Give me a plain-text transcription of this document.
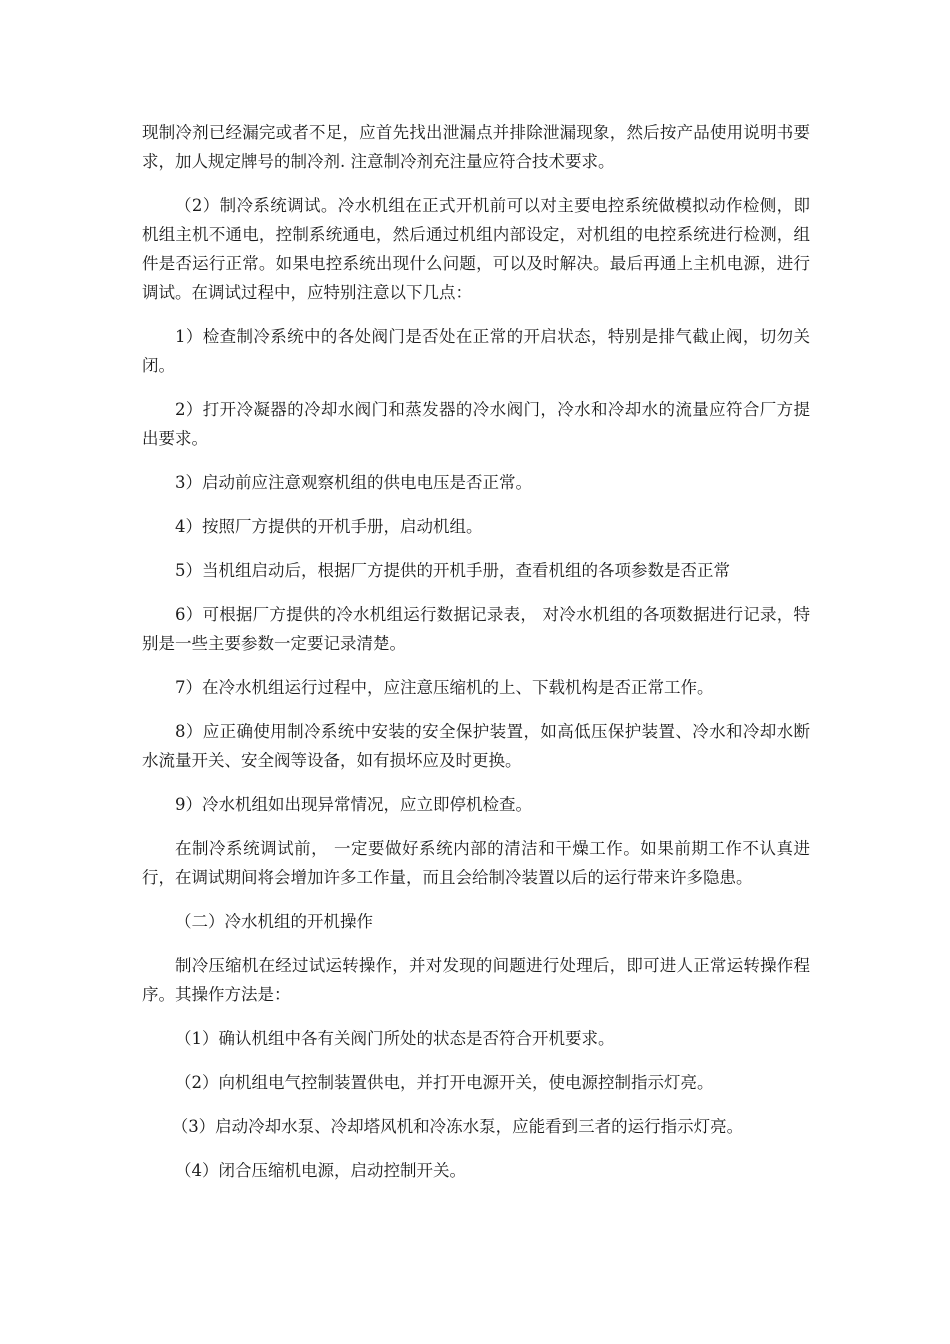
现制冷剂已经漏完或者不足，应首先找出泄漏点并排除泄漏现象，然后按产品使用说明书要求，加人规定牌号的制冷剂. 注意制冷剂充注量应符合技术要求。

（2）制冷系统调试。冷水机组在正式开机前可以对主要电控系统做模拟动作检侧，即机组主机不通电，控制系统通电，然后通过机组内部设定，对机组的电控系统进行检测，组件是否运行正常。如果电控系统出现什么问题，可以及时解决。最后再通上主机电源，进行调试。在调试过程中，应特别注意以下几点：

1）检查制冷系统中的各处阀门是否处在正常的开启状态，特别是排气截止阀，切勿关闭。

2）打开冷凝器的冷却水阀门和蒸发器的冷水阀门，冷水和冷却水的流量应符合厂方提出要求。

3）启动前应注意观察机组的供电电压是否正常。

4）按照厂方提供的开机手册，启动机组。

5）当机组启动后，根据厂方提供的开机手册，查看机组的各项参数是否正常

6）可根据厂方提供的冷水机组运行数据记录表， 对冷水机组的各项数据进行记录，特别是一些主要参数一定要记录清楚。

7）在冷水机组运行过程中，应注意压缩机的上、下载机构是否正常工作。

8）应正确使用制冷系统中安装的安全保护装置，如高低压保护装置、冷水和冷却水断水流量开关、安全阀等设备，如有损坏应及时更换。

9）冷水机组如出现异常情况，应立即停机检查。

在制冷系统调试前， 一定要做好系统内部的清洁和干燥工作。如果前期工作不认真进行，在调试期间将会增加许多工作量，而且会给制冷装置以后的运行带来许多隐患。

（二）冷水机组的开机操作

制冷压缩机在经过试运转操作，并对发现的间题进行处理后，即可进人正常运转操作程序。其操作方法是：

（1）确认机组中各有关阀门所处的状态是否符合开机要求。

（2）向机组电气控制装置供电，并打开电源开关，使电源控制指示灯亮。

（3）启动冷却水泵、冷却塔风机和冷冻水泵，应能看到三者的运行指示灯亮。

（4）闭合压缩机电源，启动控制开关。
